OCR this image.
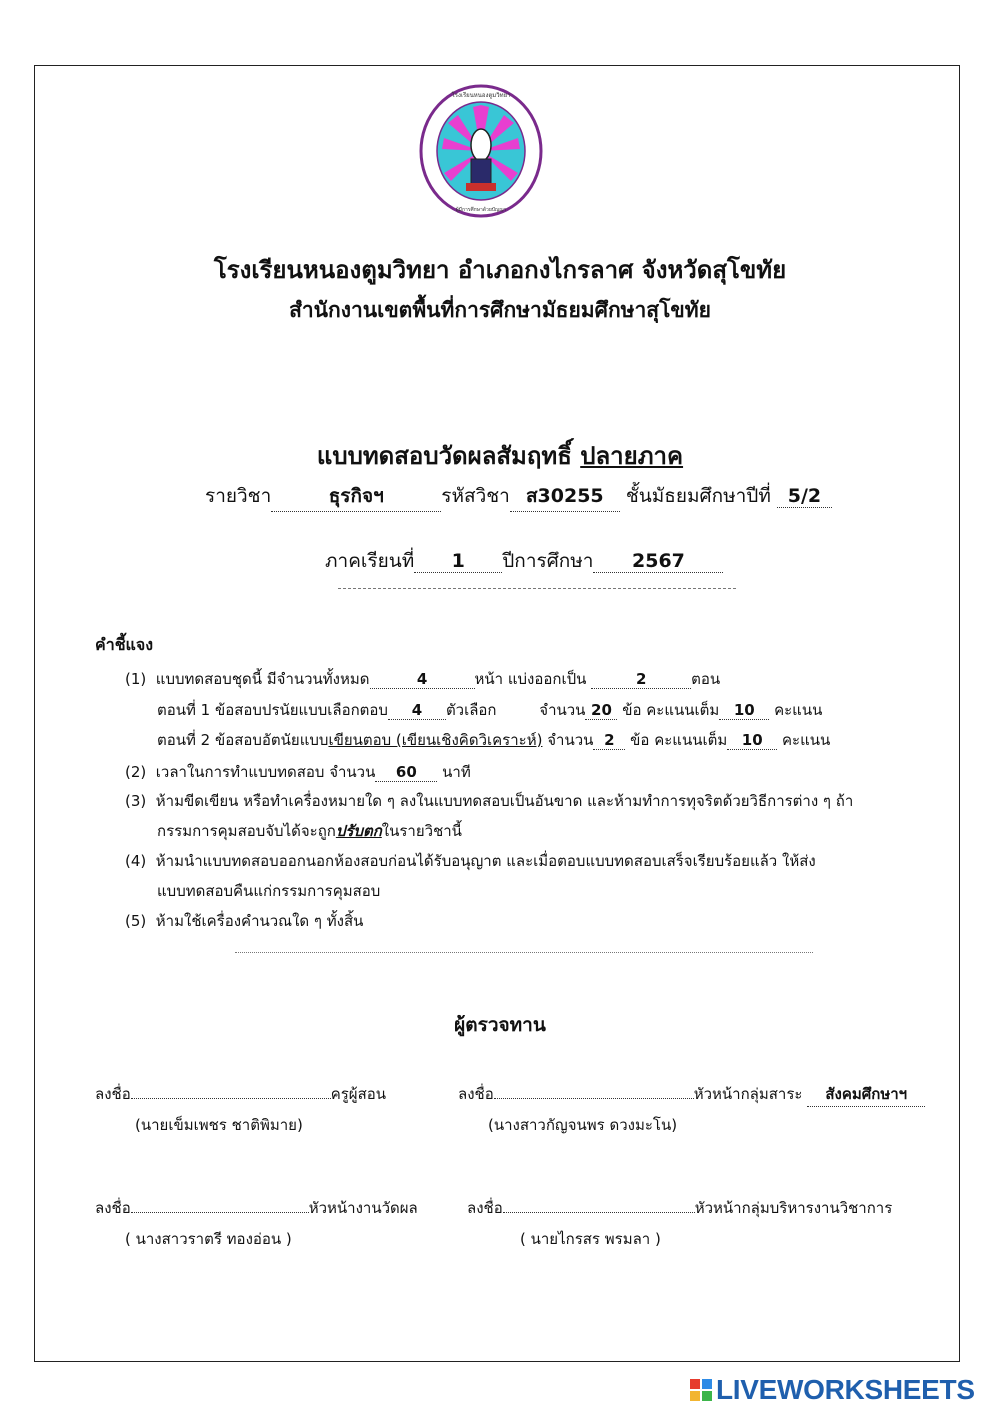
โรงเรียนหนองตูมวิทยา
ผู้มีการศึกษาด้วยปัญญา
โรงเรียนหนองตูมวิทยา อำเภอกงไกรลาศ จังหวัดสุโขทัย
สำนักงานเขตพื้นที่การศึกษามัธยมศึกษาสุโขทัย
แบบทดสอบวัดผลสัมฤทธิ์ ปลายภาค
รายวิชา	ธุรกิจฯ	รหัสวิชา ส30255 ชั้นมัธยมศึกษาปีที่ 5/2
ภาคเรียนที่ 1 ปีการศึกษา 2567
คำชี้แจง
(1) แบบทดสอบชุดนี้ มีจำนวนทั้งหมด	4	หน้า แบ่งออกเป็น	2	ตอน
ตอนที่ 1 ข้อสอบปรนัยแบบเลือกตอบ 4 ตัวเลือก	จำนวน 20 ข้อ คะแนนเต็ม 10 คะแนน
ตอนที่ 2 ข้อสอบอัตนัยแบบเขียนตอบ (เขียนเชิงคิดวิเคราะห์) จำนวน 2 ข้อ คะแนนเต็ม 10 คะแนน
(2) เวลาในการทำแบบทดสอบ จำนวน 60 นาที
(3) ห้ามขีดเขียน หรือทำเครื่องหมายใด ๆ ลงในแบบทดสอบเป็นอันขาด และห้ามทำการทุจริตด้วยวิธีการต่าง ๆ ถ้า
กรรมการคุมสอบจับได้จะถูกปรับตกในรายวิชานี้
(4) ห้ามนำแบบทดสอบออกนอกห้องสอบก่อนได้รับอนุญาต และเมื่อตอบแบบทดสอบเสร็จเรียบร้อยแล้ว ให้ส่ง
แบบทดสอบคืนแก่กรรมการคุมสอบ
(5) ห้ามใช้เครื่องคำนวณใด ๆ ทั้งสิ้น
ผู้ตรวจทาน
ลงชื่อ	ครูผู้สอน
(นายเข็มเพชร ชาติพิมาย)
ลงชื่อ	หัวหน้ากลุ่มสาระ สังคมศึกษาฯ
(นางสาวกัญจนพร ดวงมะโน)
ลงชื่อ	หัวหน้างานวัดผล
( นางสาวราตรี ทองอ่อน )
ลงชื่อ	หัวหน้ากลุ่มบริหารงานวิชาการ
( นายไกรสร พรมลา )
LIVEWORKSHEETS
